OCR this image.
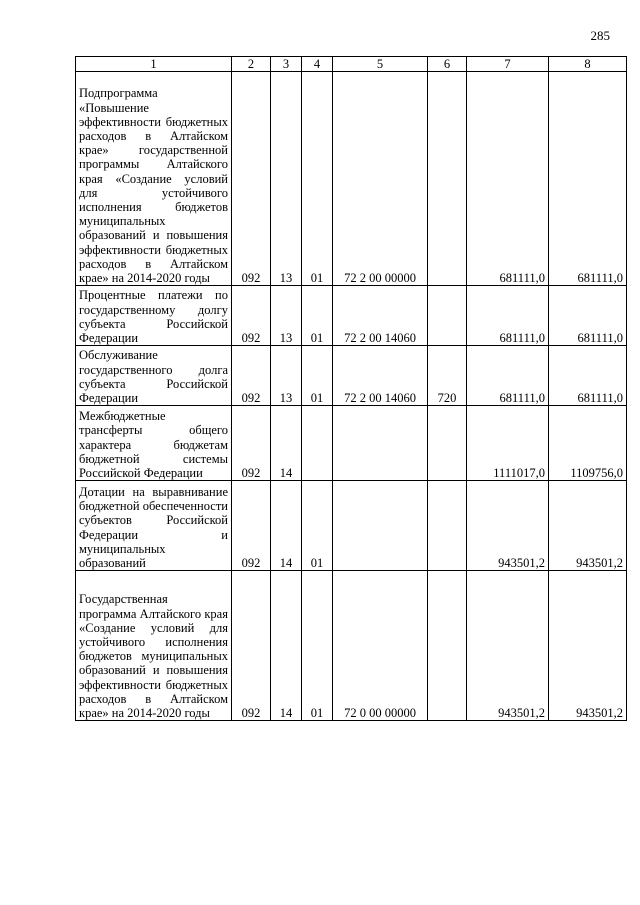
285
1	2	3	4	5	6	7	8
Подпрограмма «Повышение эффективности бюджетных расходов в Алтайском крае» государственной программы Алтайского края «Создание условий для устойчивого исполнения бюджетов муниципальных образований и повышения эффективности бюджетных расходов в Алтайском крае» на 2014-2020 годы	092	13	01	72 2 00 00000		681111,0	681111,0
Процентные платежи по государственному долгу субъекта Российской Федерации	092	13	01	72 2 00 14060		681111,0	681111,0
Обслуживание государственного долга субъекта Российской Федерации	092	13	01	72 2 00 14060	720	681111,0	681111,0
Межбюджетные трансферты общего характера бюджетам бюджетной системы Российской Федерации	092	14				1111017,0	1109756,0
Дотации на выравнивание бюджетной обеспеченности субъектов Российской Федерации и муниципальных образований	092	14	01			943501,2	943501,2
Государственная программа Алтайского края «Создание условий для устойчивого исполнения бюджетов муниципальных образований и повышения эффективности бюджетных расходов в Алтайском крае» на 2014-2020 годы	092	14	01	72 0 00 00000		943501,2	943501,2
